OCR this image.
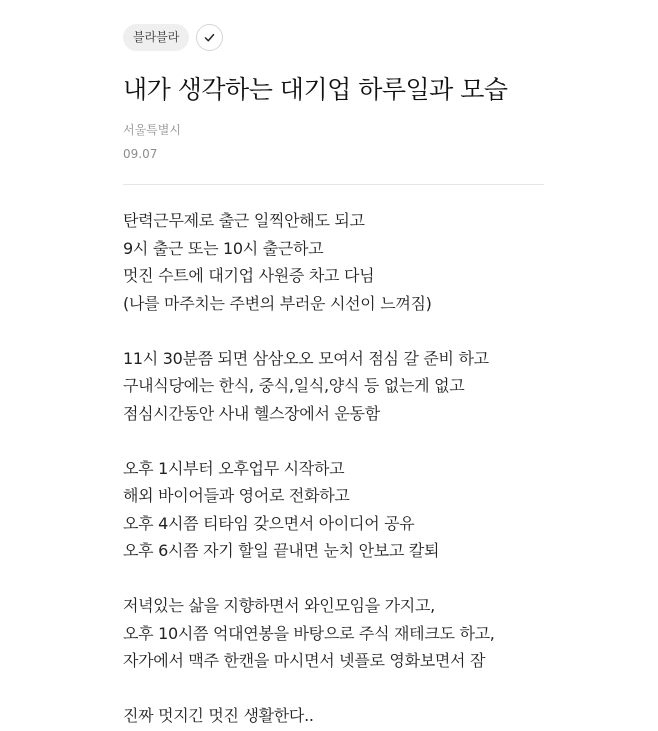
블라블라
내가 생각하는 대기업 하루일과 모습
서울특별시
09.07
탄력근무제로 출근 일찍안해도 되고
9시 출근 또는 10시 출근하고
멋진 수트에 대기업 사원증 차고 다님
(나를 마주치는 주변의 부러운 시선이 느껴짐)
11시 30분쯤 되면 삼삼오오 모여서 점심 갈 준비 하고
구내식당에는 한식, 중식,일식,양식 등 없는게 없고
점심시간동안 사내 헬스장에서 운동함
오후 1시부터 오후업무 시작하고
해외 바이어들과 영어로 전화하고
오후 4시쯤 티타임 갖으면서 아이디어 공유
오후 6시쯤 자기 할일 끝내면 눈치 안보고 칼퇴
저녁있는 삶을 지향하면서 와인모임을 가지고,
오후 10시쯤 억대연봉을 바탕으로 주식 재테크도 하고,
자가에서 맥주 한캔을 마시면서 넷플로 영화보면서 잠
진짜 멋지긴 멋진 생활한다..
